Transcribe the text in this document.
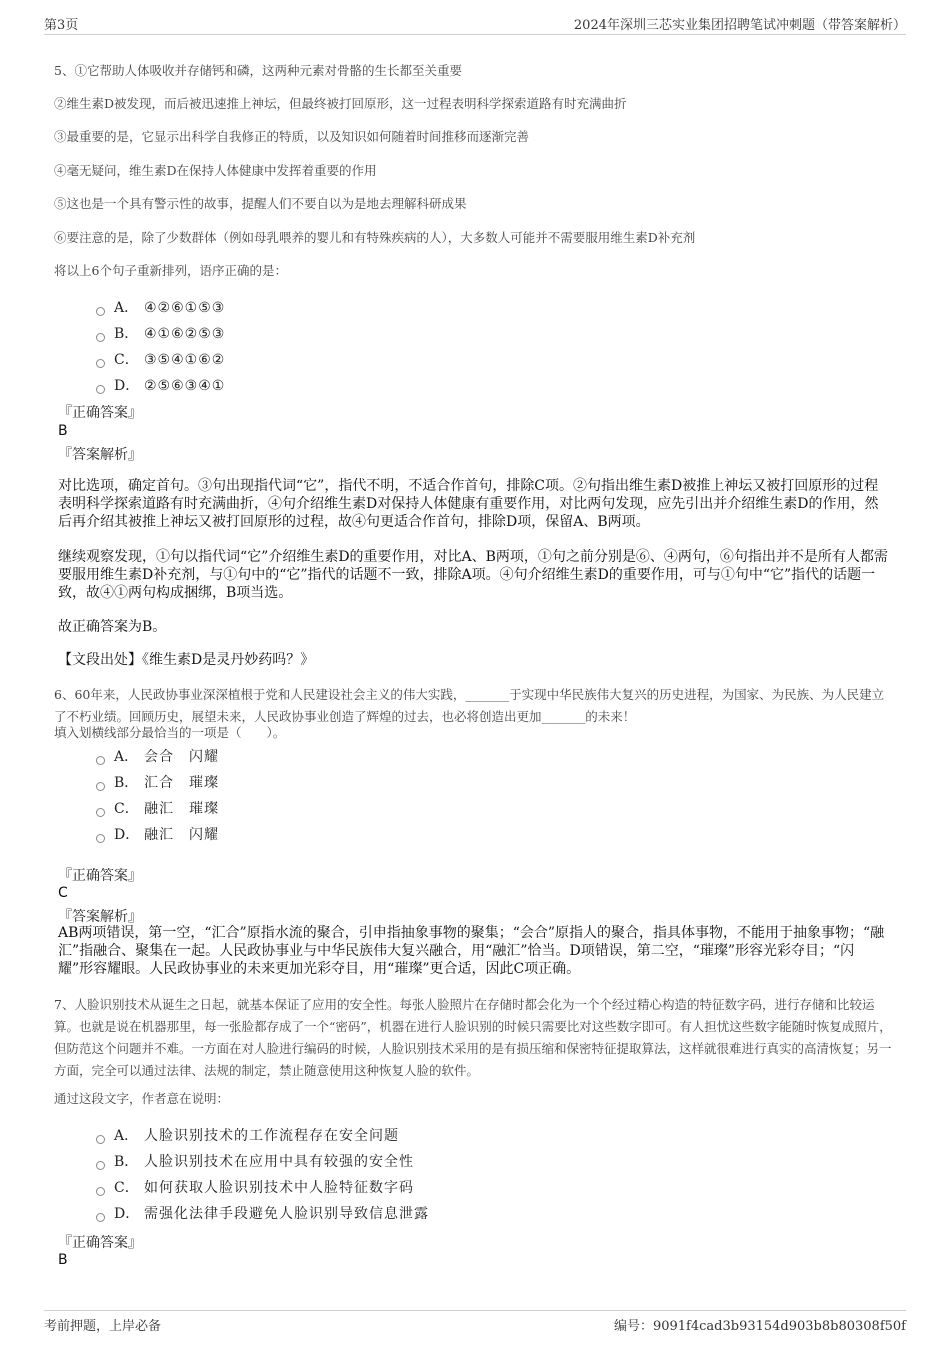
第3页	2024年深圳三芯实业集团招聘笔试冲刺题（带答案解析）
5、①它帮助人体吸收并存储钙和磷，这两种元素对骨骼的生长都至关重要
②维生素D被发现，而后被迅速推上神坛，但最终被打回原形，这一过程表明科学探索道路有时充满曲折
③最重要的是，它显示出科学自我修正的特质，以及知识如何随着时间推移而逐渐完善
④毫无疑问，维生素D在保持人体健康中发挥着重要的作用
⑤这也是一个具有警示性的故事，提醒人们不要自以为是地去理解科研成果
⑥要注意的是，除了少数群体（例如母乳喂养的婴儿和有特殊疾病的人），大多数人可能并不需要服用维生素D补充剂
将以上6个句子重新排列，语序正确的是：
A． ④②⑥①⑤③
B． ④①⑥②⑤③
C． ③⑤④①⑥②
D． ②⑤⑥③④①
『正确答案』
B
『答案解析』
对比选项，确定首句。③句出现指代词“它”，指代不明，不适合作首句，排除C项。②句指出维生素D被推上神坛又被打回原形的过程表明科学探索道路有时充满曲折，④句介绍维生素D对保持人体健康有重要作用，对比两句发现，应先引出并介绍维生素D的作用，然后再介绍其被推上神坛又被打回原形的过程，故④句更适合作首句，排除D项，保留A、B两项。
继续观察发现，①句以指代词“它”介绍维生素D的重要作用，对比A、B两项，①句之前分别是⑥、④两句，⑥句指出并不是所有人都需要服用维生素D补充剂，与①句中的“它”指代的话题不一致，排除A项。④句介绍维生素D的重要作用，可与①句中“它”指代的话题一致，故④①两句构成捆绑，B项当选。
故正确答案为B。
【文段出处】《维生素D是灵丹妙药吗？》
6、60年来，人民政协事业深深植根于党和人民建设社会主义的伟大实践，_______于实现中华民族伟大复兴的历史进程，为国家、为民族、为人民建立了不朽业绩。回顾历史，展望未来，人民政协事业创造了辉煌的过去，也必将创造出更加_______的未来！
填入划横线部分最恰当的一项是（　　）。
A． 会合　闪耀
B． 汇合　璀璨
C． 融汇　璀璨
D． 融汇　闪耀
『正确答案』
C
『答案解析』
AB两项错误，第一空，“汇合”原指水流的聚合，引申指抽象事物的聚集；“会合”原指人的聚合，指具体事物，不能用于抽象事物；“融汇”指融合、聚集在一起。人民政协事业与中华民族伟大复兴融合，用“融汇”恰当。D项错误，第二空，“璀璨”形容光彩夺目；“闪耀”形容耀眼。人民政协事业的未来更加光彩夺目，用“璀璨”更合适，因此C项正确。
7、人脸识别技术从诞生之日起，就基本保证了应用的安全性。每张人脸照片在存储时都会化为一个个经过精心构造的特征数字码，进行存储和比较运算。也就是说在机器那里，每一张脸都存成了一个“密码”，机器在进行人脸识别的时候只需要比对这些数字即可。有人担忧这些数字能随时恢复成照片，但防范这个问题并不难。一方面在对人脸进行编码的时候，人脸识别技术采用的是有损压缩和保密特征提取算法，这样就很难进行真实的高清恢复；另一方面，完全可以通过法律、法规的制定，禁止随意使用这种恢复人脸的软件。
通过这段文字，作者意在说明：
A． 人脸识别技术的工作流程存在安全问题
B． 人脸识别技术在应用中具有较强的安全性
C． 如何获取人脸识别技术中人脸特征数字码
D． 需强化法律手段避免人脸识别导致信息泄露
『正确答案』
B
考前押题，上岸必备	编号：9091f4cad3b93154d903b8b80308f50f
